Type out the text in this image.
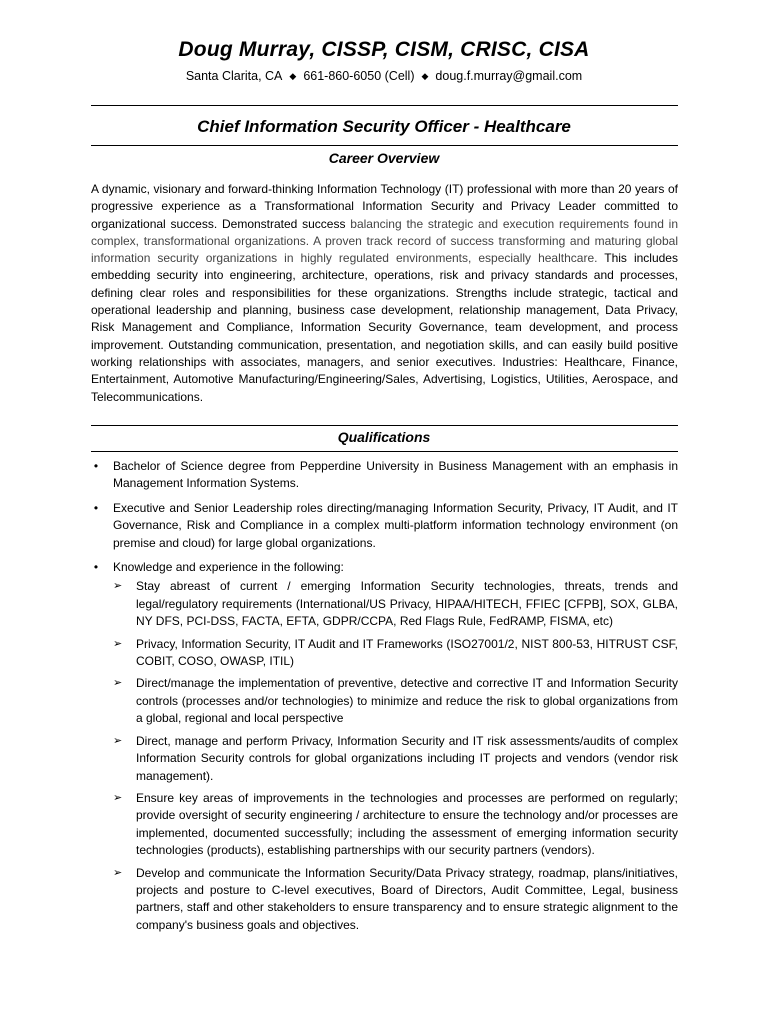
Doug Murray, CISSP, CISM, CRISC, CISA
Santa Clarita, CA ◆ 661-860-6050 (Cell) ◆ doug.f.murray@gmail.com
Chief Information Security Officer - Healthcare
Career Overview

A dynamic, visionary and forward-thinking Information Technology (IT) professional with more than 20 years of progressive experience as a Transformational Information Security and Privacy Leader committed to organizational success. Demonstrated success balancing the strategic and execution requirements found in complex, transformational organizations. A proven track record of success transforming and maturing global information security organizations in highly regulated environments, especially healthcare. This includes embedding security into engineering, architecture, operations, risk and privacy standards and processes, defining clear roles and responsibilities for these organizations. Strengths include strategic, tactical and operational leadership and planning, business case development, relationship management, Data Privacy, Risk Management and Compliance, Information Security Governance, team development, and process improvement. Outstanding communication, presentation, and negotiation skills, and can easily build positive working relationships with associates, managers, and senior executives. Industries: Healthcare, Finance, Entertainment, Automotive Manufacturing/Engineering/Sales, Advertising, Logistics, Utilities, Aerospace, and Telecommunications.

Qualifications
• Bachelor of Science degree from Pepperdine University in Business Management with an emphasis in Management Information Systems.
• Executive and Senior Leadership roles directing/managing Information Security, Privacy, IT Audit, and IT Governance, Risk and Compliance in a complex multi-platform information technology environment (on premise and cloud) for large global organizations.
• Knowledge and experience in the following:
➢ Stay abreast of current / emerging Information Security technologies, threats, trends and legal/regulatory requirements (International/US Privacy, HIPAA/HITECH, FFIEC [CFPB], SOX, GLBA, NY DFS, PCI-DSS, FACTA, EFTA, GDPR/CCPA, Red Flags Rule, FedRAMP, FISMA, etc)
➢ Privacy, Information Security, IT Audit and IT Frameworks (ISO27001/2, NIST 800-53, HITRUST CSF, COBIT, COSO, OWASP, ITIL)
➢ Direct/manage the implementation of preventive, detective and corrective IT and Information Security controls (processes and/or technologies) to minimize and reduce the risk to global organizations from a global, regional and local perspective
➢ Direct, manage and perform Privacy, Information Security and IT risk assessments/audits of complex Information Security controls for global organizations including IT projects and vendors (vendor risk management).
➢ Ensure key areas of improvements in the technologies and processes are performed on regularly; provide oversight of security engineering / architecture to ensure the technology and/or processes are implemented, documented successfully; including the assessment of emerging information security technologies (products), establishing partnerships with our security partners (vendors).
➢ Develop and communicate the Information Security/Data Privacy strategy, roadmap, plans/initiatives, projects and posture to C-level executives, Board of Directors, Audit Committee, Legal, business partners, staff and other stakeholders to ensure transparency and to ensure strategic alignment to the company's business goals and objectives.
